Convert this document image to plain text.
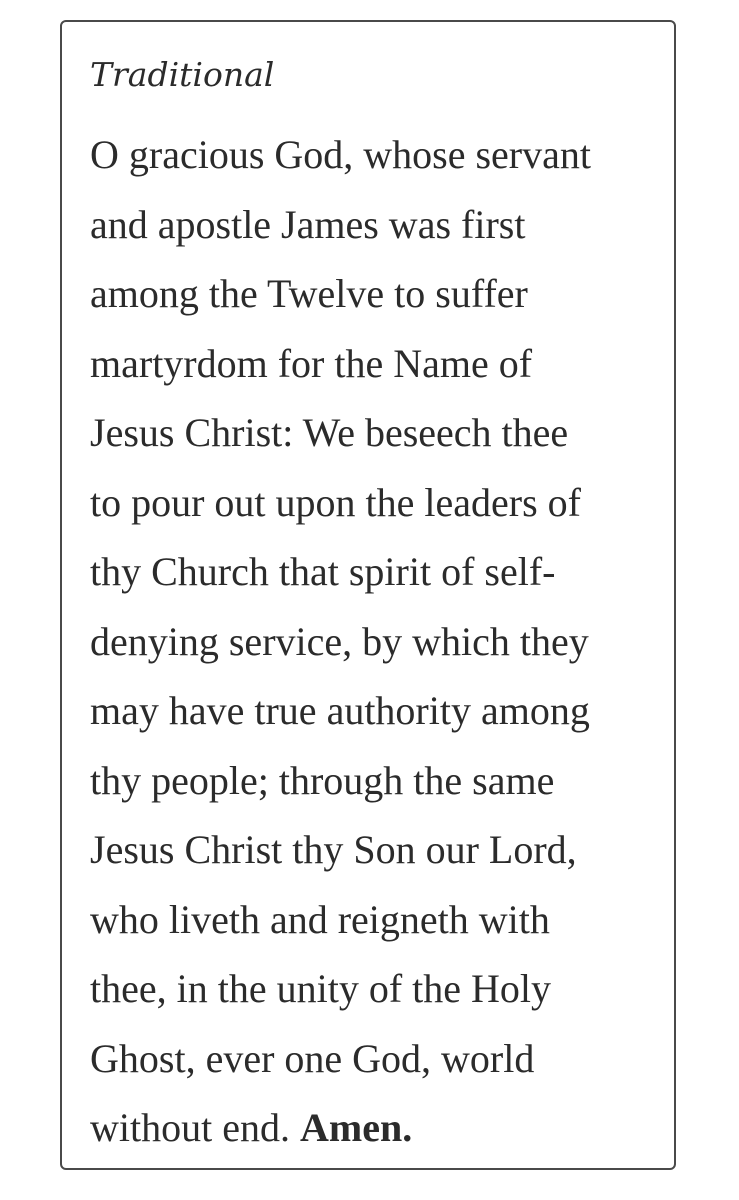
Traditional

O gracious God, whose servant
and apostle James was first
among the Twelve to suffer
martyrdom for the Name of
Jesus Christ: We beseech thee
to pour out upon the leaders of
thy Church that spirit of self-
denying service, by which they
may have true authority among
thy people; through the same
Jesus Christ thy Son our Lord,
who liveth and reigneth with
thee, in the unity of the Holy
Ghost, ever one God, world
without end. Amen.
